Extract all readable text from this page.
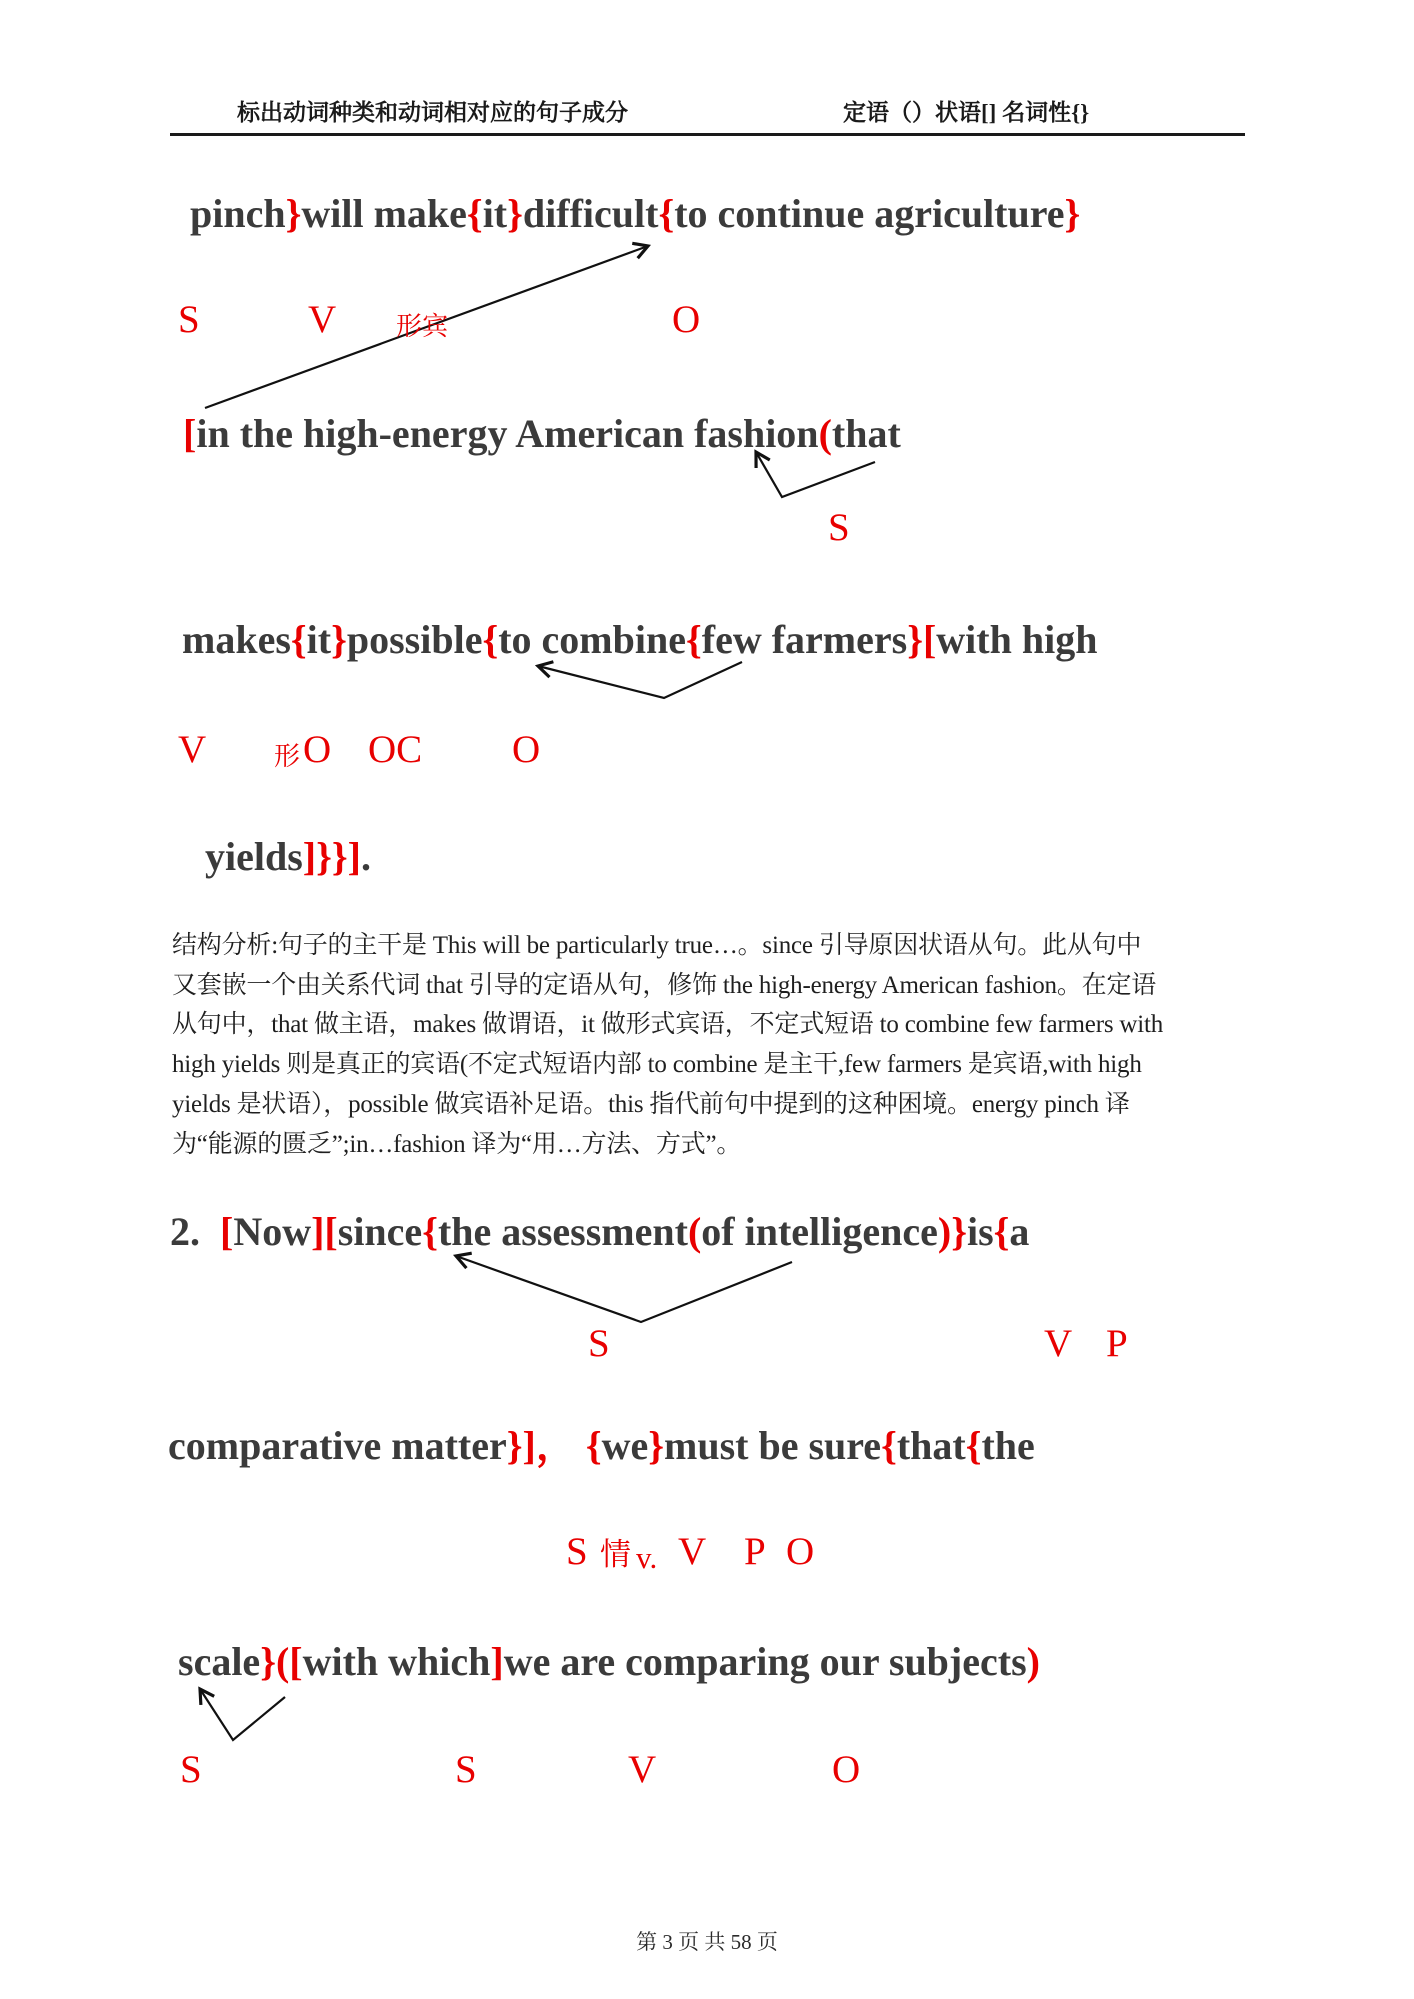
标出动词种类和动词相对应的句子成分	定语（）状语[] 名词性{}
pinch}will make{it}difficult{to continue agriculture}
S	V 形宾	O
[in the high-energy American fashion(that
S
makes{it}possible{to combine{few farmers}[with high
V	形 O OC O
yields]}}].
结构分析:句子的主干是 This will be particularly true…。since 引导原因状语从句。此从句中
又套嵌一个由关系代词 that 引导的定语从句，修饰 the high-energy American fashion。在定语
从句中，that 做主语，makes 做谓语，it 做形式宾语，不定式短语 to combine few farmers with
high yields 则是真正的宾语(不定式短语内部 to combine 是主干,few farmers 是宾语,with high
yields 是状语），possible 做宾语补足语。this 指代前句中提到的这种困境。energy pinch 译
为“能源的匮乏”;in…fashion 译为“用…方法、方式”。
2.  [Now][since{the assessment(of intelligence)}is{a
S	V P
comparative matter}]， {we}must be sure{that{the
S 情 v. V P O
scale}([with which]we are comparing our subjects)
S	S	V	O
第 3 页 共 58 页
